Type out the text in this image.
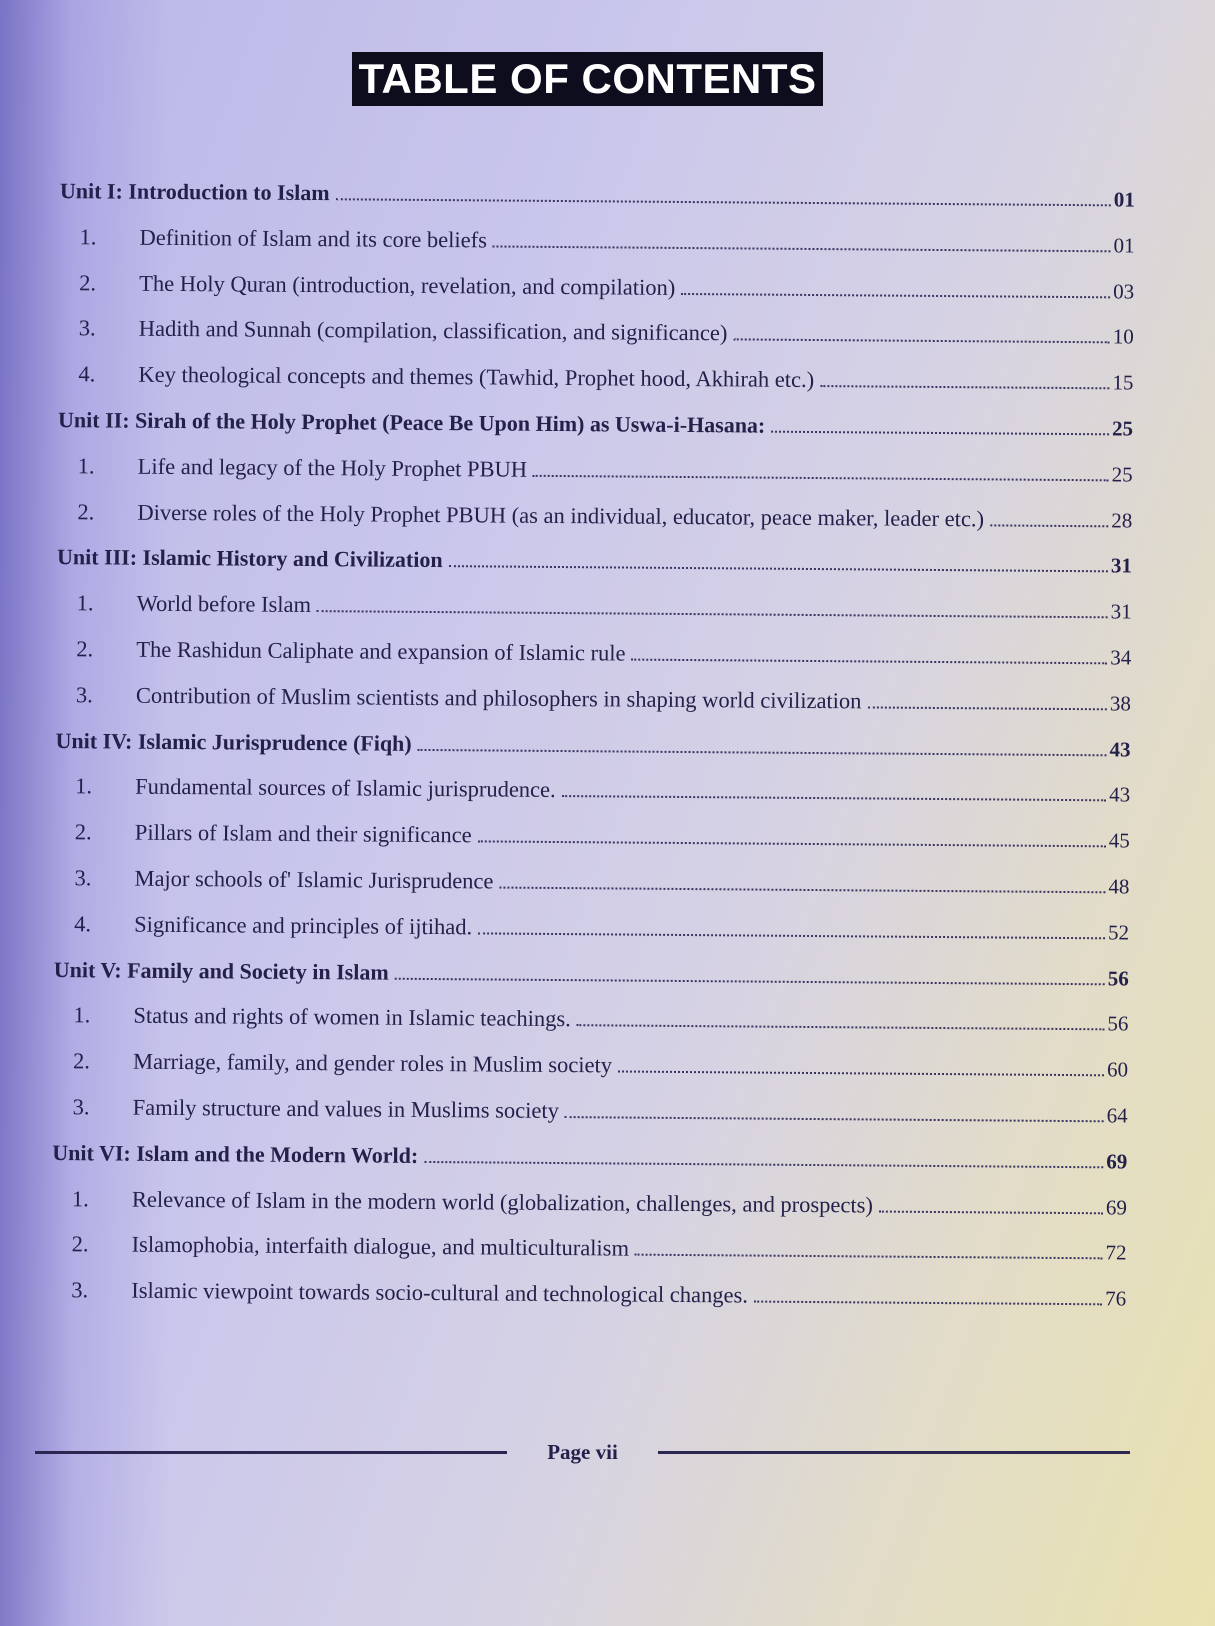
TABLE OF CONTENTS
Unit I: Introduction to Islam	01
1.	Definition of Islam and its core beliefs	01
2.	The Holy Quran (introduction, revelation, and compilation)	03
3.	Hadith and Sunnah (compilation, classification, and significance)	10
4.	Key theological concepts and themes (Tawhid, Prophet hood, Akhirah etc.)	15
Unit II: Sirah of the Holy Prophet (Peace Be Upon Him) as Uswa-i-Hasana:	25
1.	Life and legacy of the Holy Prophet PBUH	25
2.	Diverse roles of the Holy Prophet PBUH (as an individual, educator, peace maker, leader etc.)	28
Unit III: Islamic History and Civilization	31
1.	World before Islam	31
2.	The Rashidun Caliphate and expansion of Islamic rule	34
3.	Contribution of Muslim scientists and philosophers in shaping world civilization	38
Unit IV: Islamic Jurisprudence (Fiqh)	43
1.	Fundamental sources of Islamic jurisprudence.	43
2.	Pillars of Islam and their significance	45
3.	Major schools of' Islamic Jurisprudence	48
4.	Significance and principles of ijtihad.	52
Unit V: Family and Society in Islam	56
1.	Status and rights of women in Islamic teachings.	56
2.	Marriage, family, and gender roles in Muslim society	60
3.	Family structure and values in Muslims society	64
Unit VI: Islam and the Modern World:	69
1.	Relevance of Islam in the modern world (globalization, challenges, and prospects)	69
2.	Islamophobia, interfaith dialogue, and multiculturalism	72
3.	Islamic viewpoint towards socio-cultural and technological changes.	76
Page vii
